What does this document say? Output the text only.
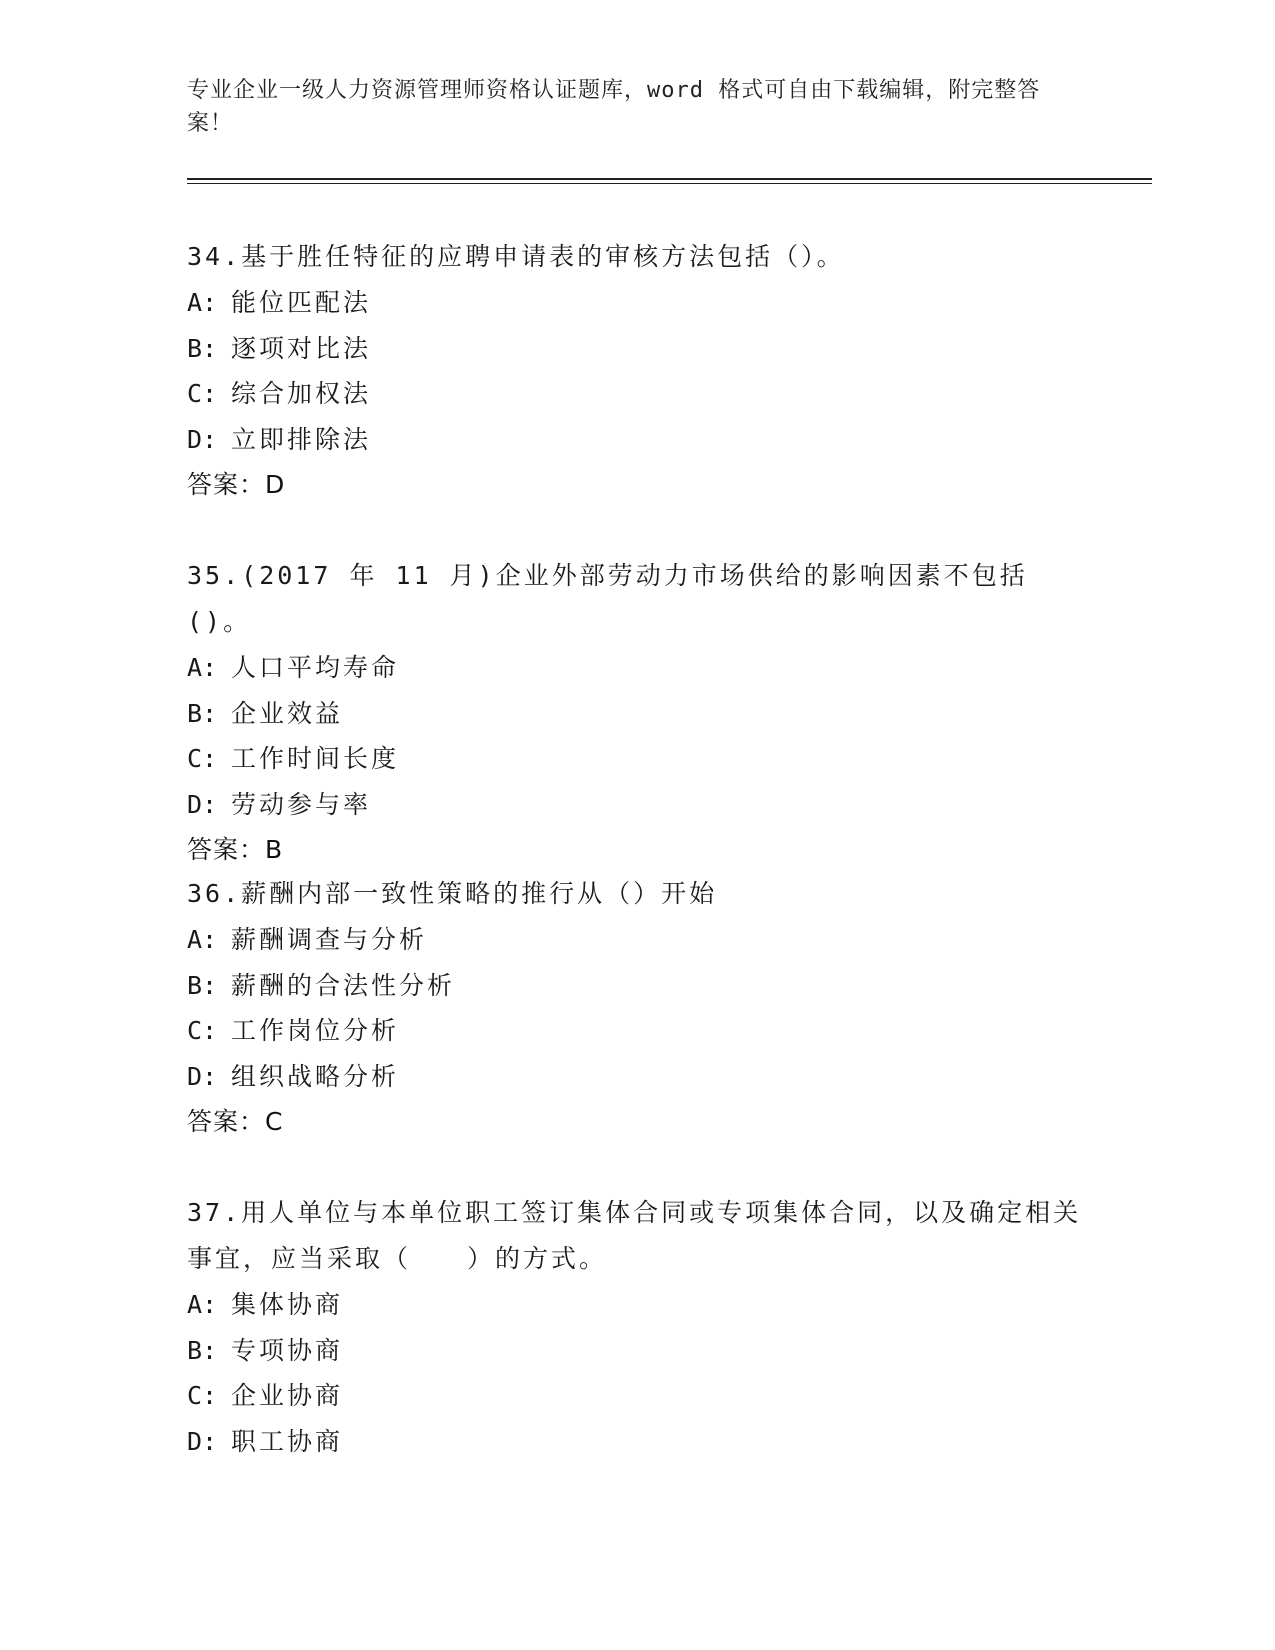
专业企业一级人力资源管理师资格认证题库，word 格式可自由下载编辑，附完整答案！

34.基于胜任特征的应聘申请表的审核方法包括（）。

A: 能位匹配法

B: 逐项对比法

C: 综合加权法

D: 立即排除法

答案：D

35.(2017 年 11 月)企业外部劳动力市场供给的影响因素不包括()。

A: 人口平均寿命

B: 企业效益

C: 工作时间长度

D: 劳动参与率

答案：B

36.薪酬内部一致性策略的推行从（）开始

A: 薪酬调查与分析

B: 薪酬的合法性分析

C: 工作岗位分析

D: 组织战略分析

答案：C

37.用人单位与本单位职工签订集体合同或专项集体合同，以及确定相关事宜，应当采取（　　）的方式。

A: 集体协商

B: 专项协商

C: 企业协商

D: 职工协商
